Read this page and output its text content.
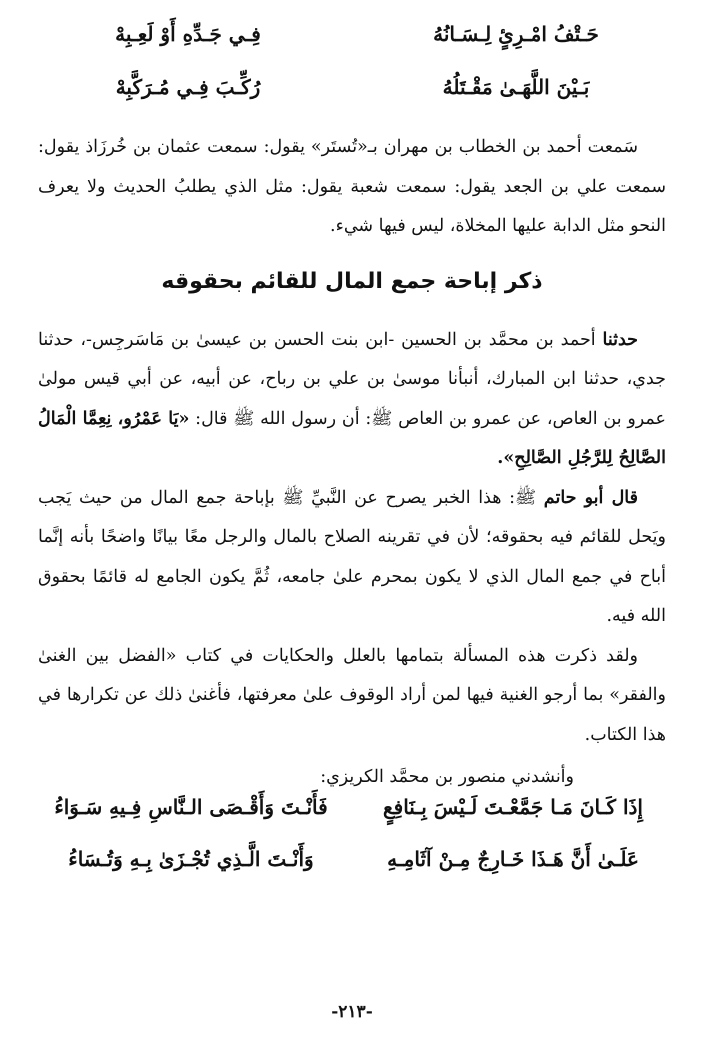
حَـتْفُ امْـرِئٍ لِـسَـانُهُ
فِـي جَـدِّهِ أَوْ لَعِـبِهْ
بَـيْنَ اللَّهَـىٰ مَقْـتَلُهُ
رُكِّـبَ فِـي مُـرَكَّبِهْ

سَمعت أحمد بن الخطاب بن مهران بـ«تُستَر» يقول: سمعت عثمان بن خُرزَاذ يقول: سمعت علي بن الجعد يقول: سمعت شعبة يقول: مثل الذي يطلبُ الحديث ولا يعرف النحو مثل الدابة عليها المخلاة، ليس فيها شيء.

ذكر إباحة جمع المال للقائم بحقوقه

حدثنا أحمد بن محمَّد بن الحسين -ابن بنت الحسن بن عيسىٰ بن مَاسَرجِس-، حدثنا جدي، حدثنا ابن المبارك، أنبأنا موسىٰ بن علي بن رباح، عن أبيه، عن أبي قيس مولىٰ عمرو بن العاص، عن عمرو بن العاص ﷺ: أن رسول الله ﷺ قال: «يَا عَمْرُو، نِعِمَّا الْمَالُ الصَّالِحُ لِلرَّجُلِ الصَّالِحِ».

قال أبو حاتم ﷺ: هذا الخبر يصرح عن النَّبيِّ ﷺ بإباحة جمع المال من حيث يَجب ويَحل للقائم فيه بحقوقه؛ لأن في تقرينه الصلاح بالمال والرجل معًا بيانًا واضحًا بأنه إنَّما أباح في جمع المال الذي لا يكون بمحرم علىٰ جامعه، ثُمَّ يكون الجامع له قائمًا بحقوق الله فيه.

ولقد ذكرت هذه المسألة بتمامها بالعلل والحكايات في كتاب «الفضل بين الغنىٰ والفقر» بما أرجو الغنية فيها لمن أراد الوقوف علىٰ معرفتها، فأغنىٰ ذلك عن تكرارها في هذا الكتاب.

وأنشدني منصور بن محمَّد الكريزي:

إِذَا كَـانَ مَـا جَمَّعْـتَ لَـيْسَ بِـنَافِعٍ
فَأَنْـتَ وَأَقْـصَى الـنَّاسِ فِـيهِ سَـوَاءُ
عَلَـىٰ أَنَّ هَـذَا خَـارِجٌ مِـنْ آثَامِـهِ
وَأَنْـتَ الَّـذِي تُجْـزَىٰ بِـهِ وَتُـسَاءُ
-٢١٣-
